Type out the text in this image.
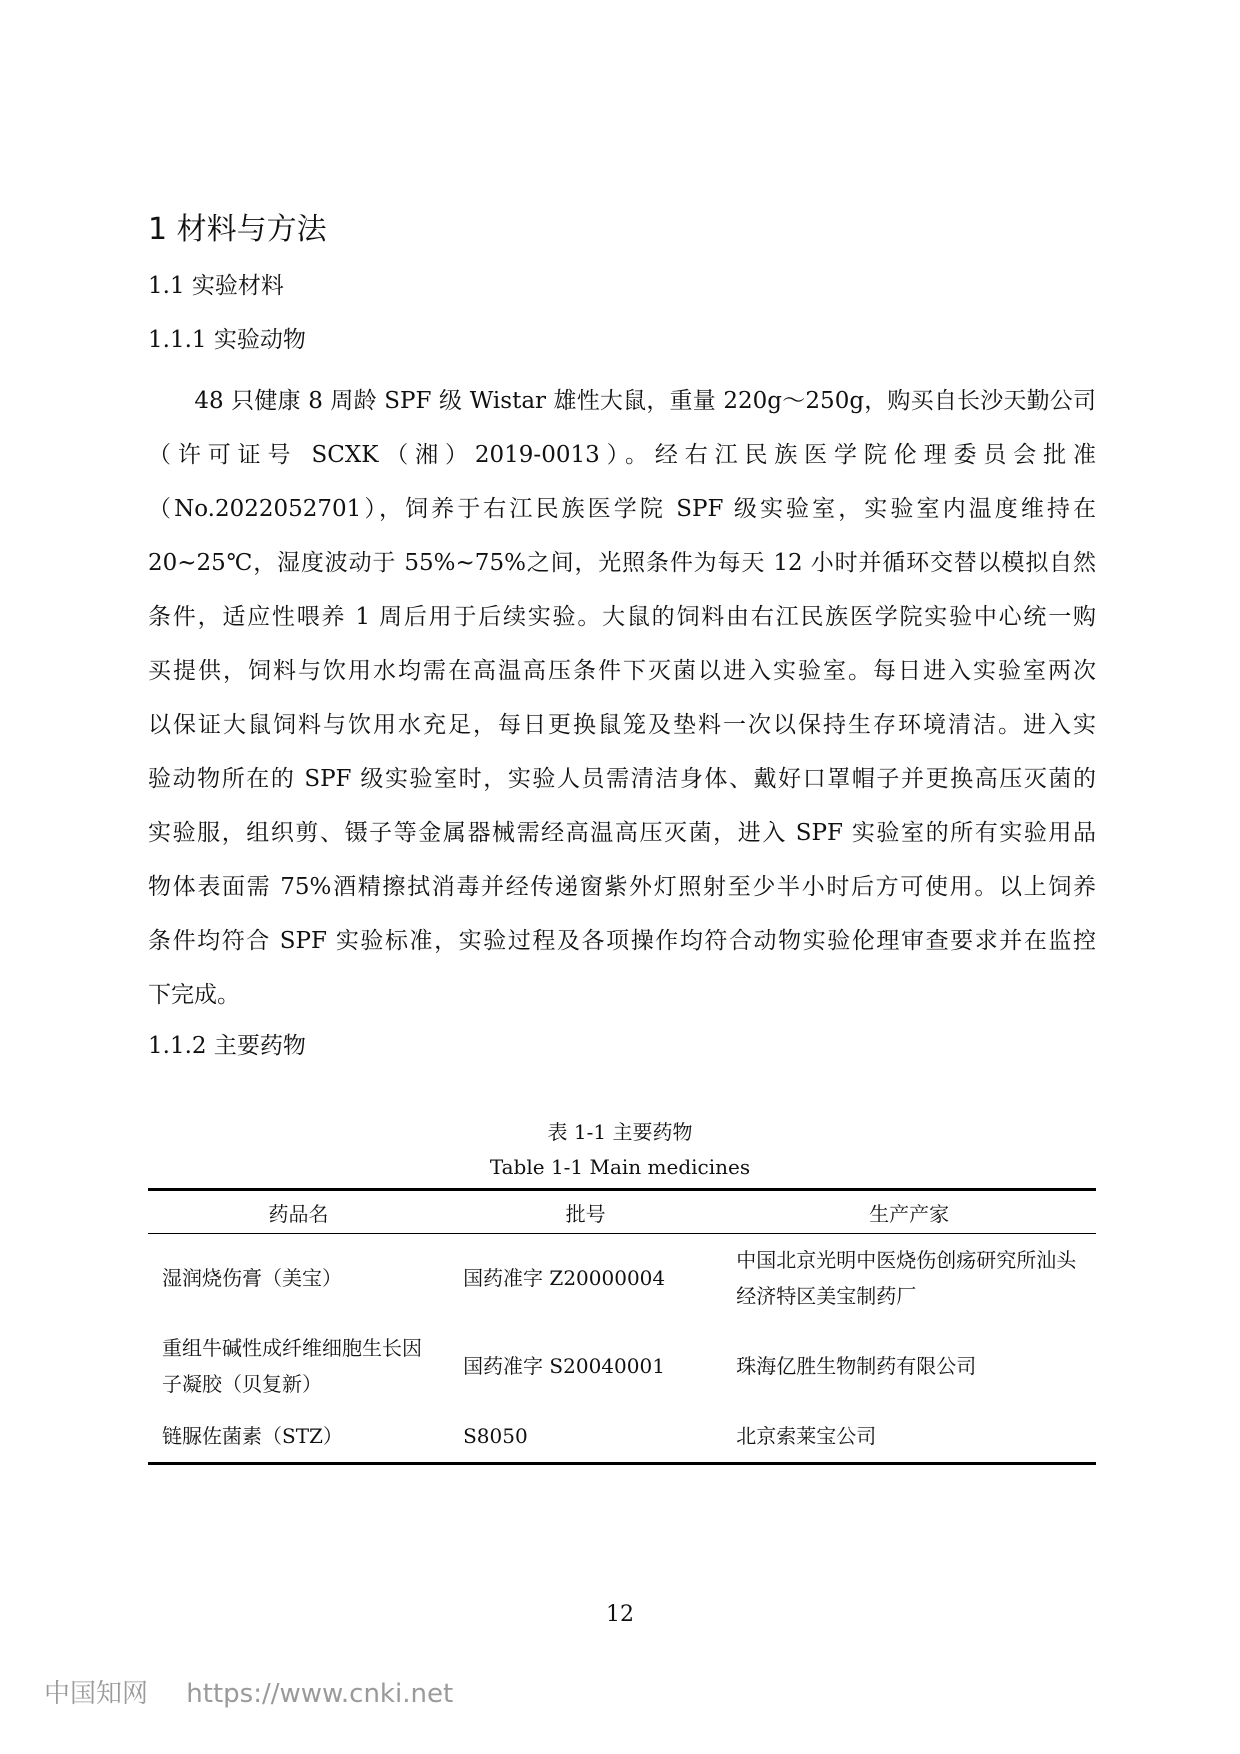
1 材料与方法
1.1 实验材料
1.1.1 实验动物
　　48 只健康 8 周龄 SPF 级 Wistar 雄性大鼠，重量 220g～250g，购买自长沙天勤公司
（许可证号 SCXK（湘）2019-0013）。经右江民族医学院伦理委员会批准
（No.2022052701），饲养于右江民族医学院 SPF 级实验室，实验室内温度维持在
20~25℃，湿度波动于 55%~75%之间，光照条件为每天 12 小时并循环交替以模拟自然
条件，适应性喂养 1 周后用于后续实验。大鼠的饲料由右江民族医学院实验中心统一购
买提供，饲料与饮用水均需在高温高压条件下灭菌以进入实验室。每日进入实验室两次
以保证大鼠饲料与饮用水充足，每日更换鼠笼及垫料一次以保持生存环境清洁。进入实
验动物所在的 SPF 级实验室时，实验人员需清洁身体、戴好口罩帽子并更换高压灭菌的
实验服，组织剪、镊子等金属器械需经高温高压灭菌，进入 SPF 实验室的所有实验用品
物体表面需 75%酒精擦拭消毒并经传递窗紫外灯照射至少半小时后方可使用。以上饲养
条件均符合 SPF 实验标准，实验过程及各项操作均符合动物实验伦理审查要求并在监控
下完成。
1.1.2 主要药物
表 1-1 主要药物
Table 1-1 Main medicines
药品名	批号	生产产家
湿润烧伤膏（美宝）	国药准字 Z20000004	中国北京光明中医烧伤创疡研究所汕头经济特区美宝制药厂
重组牛碱性成纤维细胞生长因子凝胶（贝复新）	国药准字 S20040001	珠海亿胜生物制药有限公司
链脲佐菌素（STZ）	S8050	北京索莱宝公司
12
中国知网 https://www.cnki.net
